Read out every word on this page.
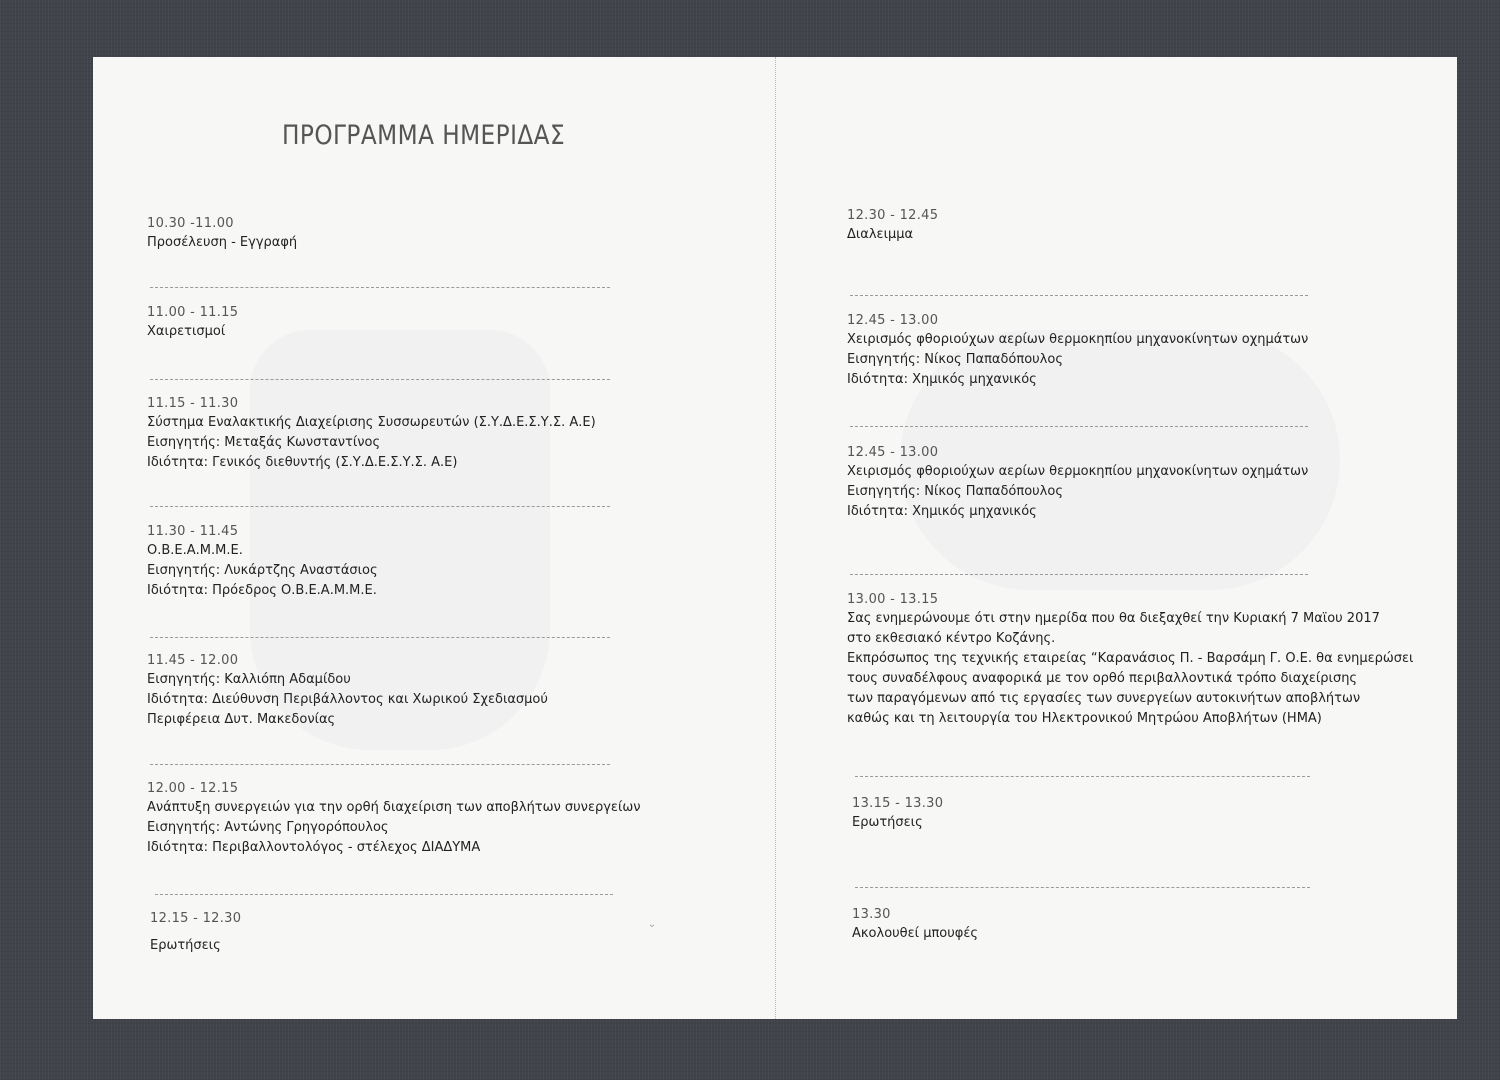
ΠΡΟΓΡΑΜΜΑ ΗΜΕΡΙΔΑΣ
10.30 -11.00
Προσέλευση - Εγγραφή
11.00 - 11.15
Χαιρετισμοί
11.15 - 11.30
Σύστημα Εναλακτικής Διαχείρισης Συσσωρευτών (Σ.Υ.Δ.Ε.Σ.Υ.Σ. Α.Ε)
Εισηγητής: Μεταξάς Κωνσταντίνος
Ιδιότητα: Γενικός διεθυντής (Σ.Υ.Δ.Ε.Σ.Υ.Σ. Α.Ε)
11.30 - 11.45
Ο.Β.Ε.Α.Μ.Μ.Ε.
Εισηγητής: Λυκάρτζης Αναστάσιος
Ιδιότητα: Πρόεδρος Ο.Β.Ε.Α.Μ.Μ.Ε.
11.45 - 12.00
Εισηγητής: Καλλιόπη Αδαμίδου
Ιδιότητα: Διεύθυνση Περιβάλλοντος και Χωρικού Σχεδιασμού
Περιφέρεια Δυτ. Μακεδονίας
12.00 - 12.15
Ανάπτυξη συνεργειών για την ορθή διαχείριση των αποβλήτων συνεργείων
Εισηγητής: Αντώνης Γρηγορόπουλος
Ιδιότητα: Περιβαλλοντολόγος - στέλεχος ΔΙΑΔΥΜΑ
12.15 - 12.30
Ερωτήσεις
12.30 - 12.45
Διαλειμμα
12.45 - 13.00
Χειρισμός φθοριούχων αερίων θερμοκηπίου μηχανοκίνητων οχημάτων
Εισηγητής: Νίκος Παπαδόπουλος
Ιδιότητα: Χημικός μηχανικός
12.45 - 13.00
Χειρισμός φθοριούχων αερίων θερμοκηπίου μηχανοκίνητων οχημάτων
Εισηγητής: Νίκος Παπαδόπουλος
Ιδιότητα: Χημικός μηχανικός
13.00 - 13.15
Σας ενημερώνουμε ότι στην ημερίδα που θα διεξαχθεί την Κυριακή 7 Μαϊου 2017
στο εκθεσιακό κέντρο Κοζάνης.
Εκπρόσωπος της τεχνικής εταιρείας “Καρανάσιος Π. - Βαρσάμη Γ. Ο.Ε. θα ενημερώσει
τους συναδέλφους αναφορικά με τον ορθό περιβαλλοντικά τρόπο διαχείρισης
των παραγόμενων από τις εργασίες των συνεργείων αυτοκινήτων αποβλήτων
καθώς και τη λειτουργία του Ηλεκτρονικού Μητρώου Αποβλήτων (ΗΜΑ)
13.15 - 13.30
Ερωτήσεις
13.30
Ακολουθεί μπουφές
ᵕ
